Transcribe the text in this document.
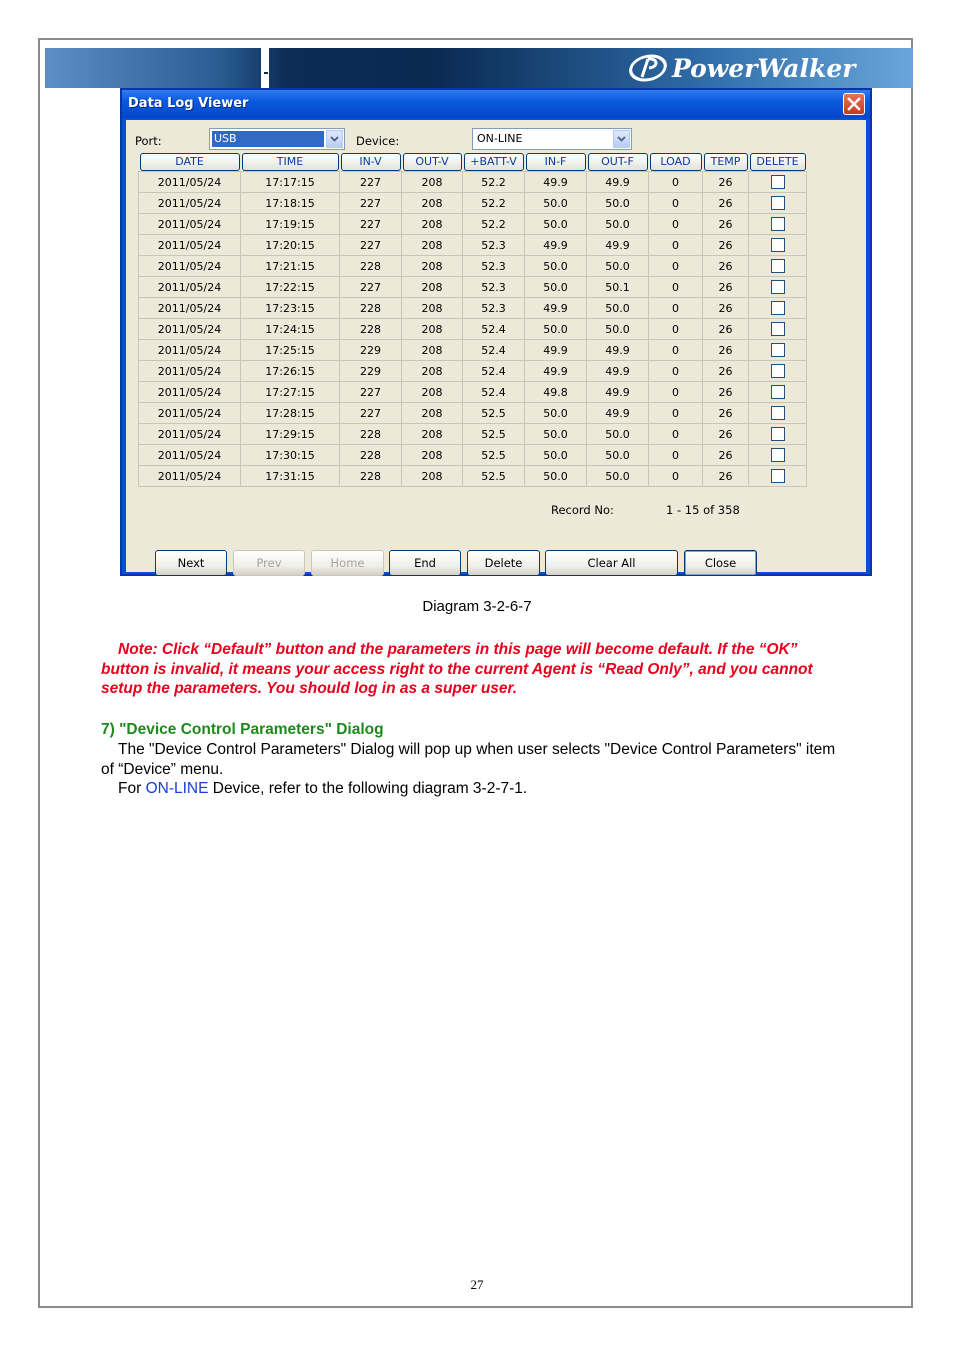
PowerWalker
Data Log Viewer
Port:	USB	Device:	ON-LINE
DATE	TIME	IN-V	OUT-V	+BATT-V	IN-F	OUT-F	LOAD	TEMP	DELETE

2011/05/24	17:17:15	227	208	52.2	49.9	49.9	0	26	
2011/05/24	17:18:15	227	208	52.2	50.0	50.0	0	26	
2011/05/24	17:19:15	227	208	52.2	50.0	50.0	0	26	
2011/05/24	17:20:15	227	208	52.3	49.9	49.9	0	26	
2011/05/24	17:21:15	228	208	52.3	50.0	50.0	0	26	
2011/05/24	17:22:15	227	208	52.3	50.0	50.1	0	26	
2011/05/24	17:23:15	228	208	52.3	49.9	50.0	0	26	
2011/05/24	17:24:15	228	208	52.4	50.0	50.0	0	26	
2011/05/24	17:25:15	229	208	52.4	49.9	49.9	0	26	
2011/05/24	17:26:15	229	208	52.4	49.9	49.9	0	26	
2011/05/24	17:27:15	227	208	52.4	49.8	49.9	0	26	
2011/05/24	17:28:15	227	208	52.5	50.0	49.9	0	26	
2011/05/24	17:29:15	228	208	52.5	50.0	50.0	0	26	
2011/05/24	17:30:15	228	208	52.5	50.0	50.0	0	26	
2011/05/24	17:31:15	228	208	52.5	50.0	50.0	0	26	
Record No:	1 - 15 of 358
Next	Prev	Home	End	Delete	Clear All	Close
Diagram 3-2-6-7
Note: Click “Default” button and the parameters in this page will become default. If the “OK” button is invalid, it means your access right to the current Agent is “Read Only”, and you cannot setup the parameters. You should log in as a super user.
7) "Device Control Parameters" Dialog
The "Device Control Parameters" Dialog will pop up when user selects "Device Control Parameters" item of “Device” menu.
For ON-LINE Device, refer to the following diagram 3-2-7-1.
27
